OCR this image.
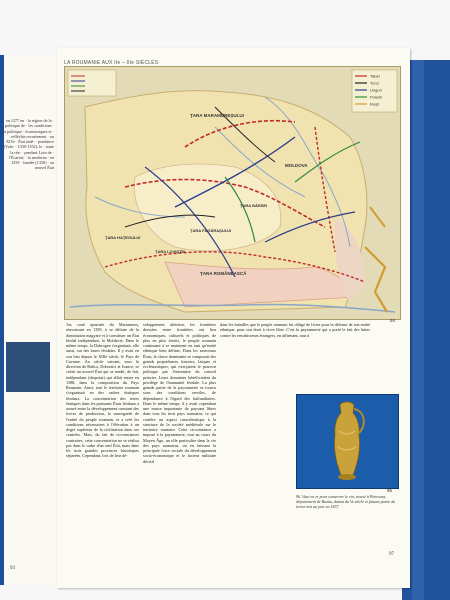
en 1277 en · la région de la · politique de · les conditions · la politique · économiques et · réfléchis recrutement · au XIVe · État indé- · pendance (Vala- · 1330-1352), le · toute la réa- · pendant Loin de · l'Écarisé, · la moderna · en 1359 · fondée (1350) · au nouvel État
93
LA ROUMANIE AUX IIe – IIIe SIÈCLES
Tatari
Turci
Unguri
Polonii
Ruşii
ŢARA MARAMUREŞULUI
ŢARA HAŢEGULUI
ŢARA FĂGĂRAŞULUI
ŢARA LOVIŞTEI
ŢARA BÂRSEI
ŢARA ROMÂNEASCĂ
MOLDOVA
94

1er, roué ajournée du Maramureș, réussissant en 1359, à se défaire de la domination magyare et à constituer un État féodal indépendant: la Moldavie. Dans le même temps, la Dobrogea s'organisait, elle aussi, sur des bases féodales. Il y avait en son lieu depuis le XIIIe siècle, le Pays de Cavarne. Au siècle suivant, sous la direction de Balica, Dobrotici et Ivanco, se créait un nouvel État qui se rendit, de fait, indépendant (despotat) qui allait entrer en 1388, dans la composition du Pays Roumain. Ainsi, tout le territoire roumain s'organisait en des cadres étatiques féodaux. La concentration des terres étatiques dans les puissants États féodaux a assuré entre la développement constant des forces de production, la sauvegarde de l'entité du peuple roumain, et a créé les conditions nécessaires à l'élévation à un degré supérieur de la civilisation dans ces contrées. Mais, du fait de circonstances contraires, cette concentration ne se réalisa pas dans le cadre d'un seul État, mais dans les trois grandes provinces historiques séparées. Cependant, lors de leur dé-

veloppement ultérieur, les frontières dressées entre frontières ont lieu économiques, culturels et politiques de plus en plus étroits, le peuple roumain continuant à se maintenir en tant qu'entité ethnique bien définie. Dans les nouveaux États, la classe dominante se composait des grands propriétaires fonciers, laïques et ecclésiastiques, qui exerçaient le pouvoir politique par l'entremise du conseil princier. Leurs domaines bénéficiaient du privilège de l'immunité féodale. La plus grande partie de la paysannerie se trouva sous des conditions serviles, de dépendance à l'égard des latifundiaires. Dans le même temps, il y avait cependant une masse importante de paysans libres dans tous les trois pays roumains, ce qui confère un aspect caractéristique à la structure de la société médiévale sur le territoire roumain. Cette circonstance a imposé à la paysannerie, tout au cours du Moyen Âge, un rôle particulier dans la vie des pays roumains, où en laissant la principale force sociale du développement socio-économique et le facteur militaire décisif

dans les batailles que le peuple roumain fut obligé de livrer pour la défense de son entité ethnique, pour son droit à vivre libre. C'est la paysannerie qui a porté le fait des luttes contre les envahisseurs étrangers, en affirmant, tout à

95
96. Vase en or pour conserver le vin, trouvé à Pietroasa, département de Buzău, datant du Ve siècle et faisant partie du trésor mis au jour en 1837.
97
